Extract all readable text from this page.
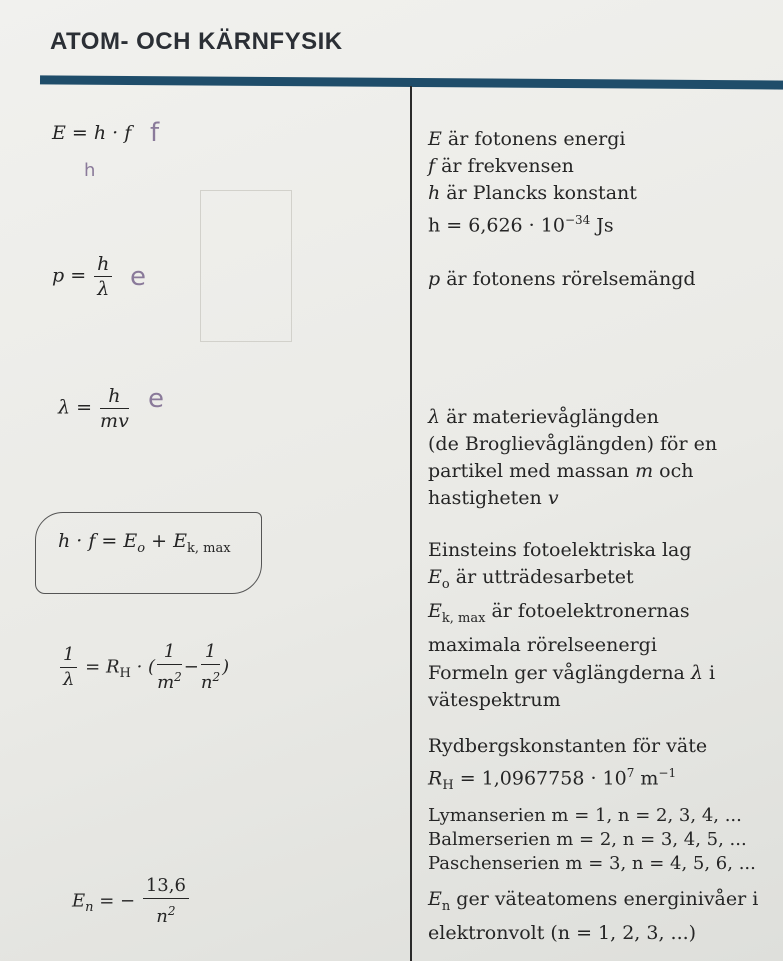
ATOM- OCH KÄRNFYSIK
E = h · f f
h
$p = \frac{h}{\lambda}$ e
$\lambda = \frac{h}{mv}$ e
$h \cdot f = E_o + E_{k, max}$
$\frac{1}{\lambda} = R_H$ · ( $\frac{1}{m^2} - \frac{1}{n^2}$ )
$E_n$ = − $\frac{13,6}{n^2}$
E är fotonens energi
f är frekvensen
h är Plancks konstant
$h = 6,626 \cdot 10^{-34}$ Js
p är fotonens rörelsemängd
λ är materievåglängden
(de Broglievåglängden) för en
partikel med massan m och
hastigheten v
Einsteins fotoelektriska lag
$E_o$ är utträdesarbetet
$E_{k, max}$ är fotoelektronernas
maximala rörelseenergi
Formeln ger våglängderna λ i
vätespektrum
Rydbergskonstanten för väte
$R_H = 1,0967758 \cdot 10^7$ $m^{-1}$
Lymanserien m = 1, n = 2, 3, 4, ...
Balmerserien m = 2, n = 3, 4, 5, ...
Paschenserien m = 3, n = 4, 5, 6, ...
$E_n$ ger väteatomens energinivåer i
elektronvolt (n = 1, 2, 3, ...)
